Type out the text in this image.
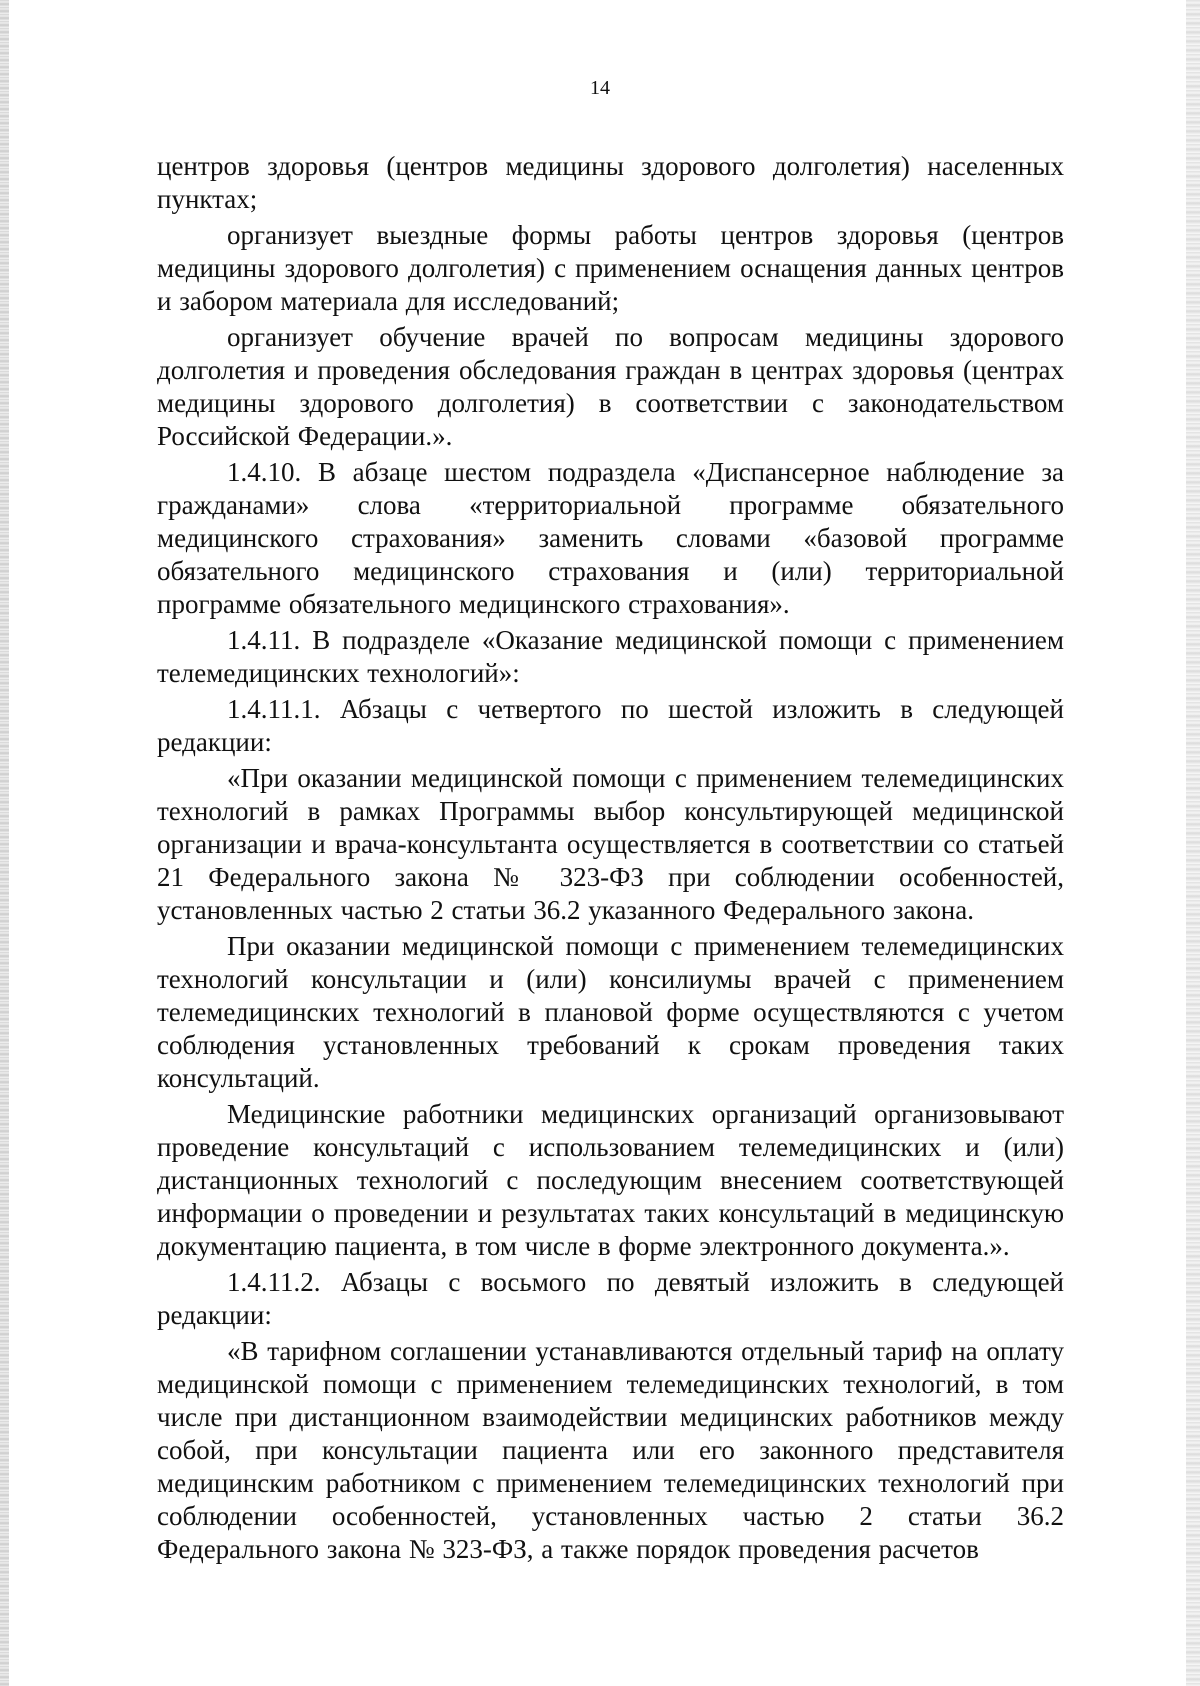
14

центров здоровья (центров медицины здорового долголетия) населенных пунктах;

организует выездные формы работы центров здоровья (центров медицины здорового долголетия) с применением оснащения данных центров и забором материала для исследований;

организует обучение врачей по вопросам медицины здорового долголетия и проведения обследования граждан в центрах здоровья (центрах медицины здорового долголетия) в соответствии с законодательством Российской Федерации.».

1.4.10. В абзаце шестом подраздела «Диспансерное наблюдение за гражданами» слова «территориальной программе обязательного медицинского страхования» заменить словами «базовой программе обязательного медицинского страхования и (или) территориальной программе обязательного медицинского страхования».

1.4.11. В подразделе «Оказание медицинской помощи с применением телемедицинских технологий»:

1.4.11.1. Абзацы с четвертого по шестой изложить в следующей редакции:

«При оказании медицинской помощи с применением телемедицинских технологий в рамках Программы выбор консультирующей медицинской организации и врача-консультанта осуществляется в соответствии со статьей 21 Федерального закона № 323-ФЗ при соблюдении особенностей, установленных частью 2 статьи 36.2 указанного Федерального закона.

При оказании медицинской помощи с применением телемедицинских технологий консультации и (или) консилиумы врачей с применением телемедицинских технологий в плановой форме осуществляются с учетом соблюдения установленных требований к срокам проведения таких консультаций.

Медицинские работники медицинских организаций организовывают проведение консультаций с использованием телемедицинских и (или) дистанционных технологий с последующим внесением соответствующей информации о проведении и результатах таких консультаций в медицинскую документацию пациента, в том числе в форме электронного документа.».

1.4.11.2. Абзацы с восьмого по девятый изложить в следующей редакции:

«В тарифном соглашении устанавливаются отдельный тариф на оплату медицинской помощи с применением телемедицинских технологий, в том числе при дистанционном взаимодействии медицинских работников между собой, при консультации пациента или его законного представителя медицинским работником с применением телемедицинских технологий при соблюдении особенностей, установленных частью 2 статьи 36.2 Федерального закона № 323-ФЗ, а также порядок проведения расчетов
